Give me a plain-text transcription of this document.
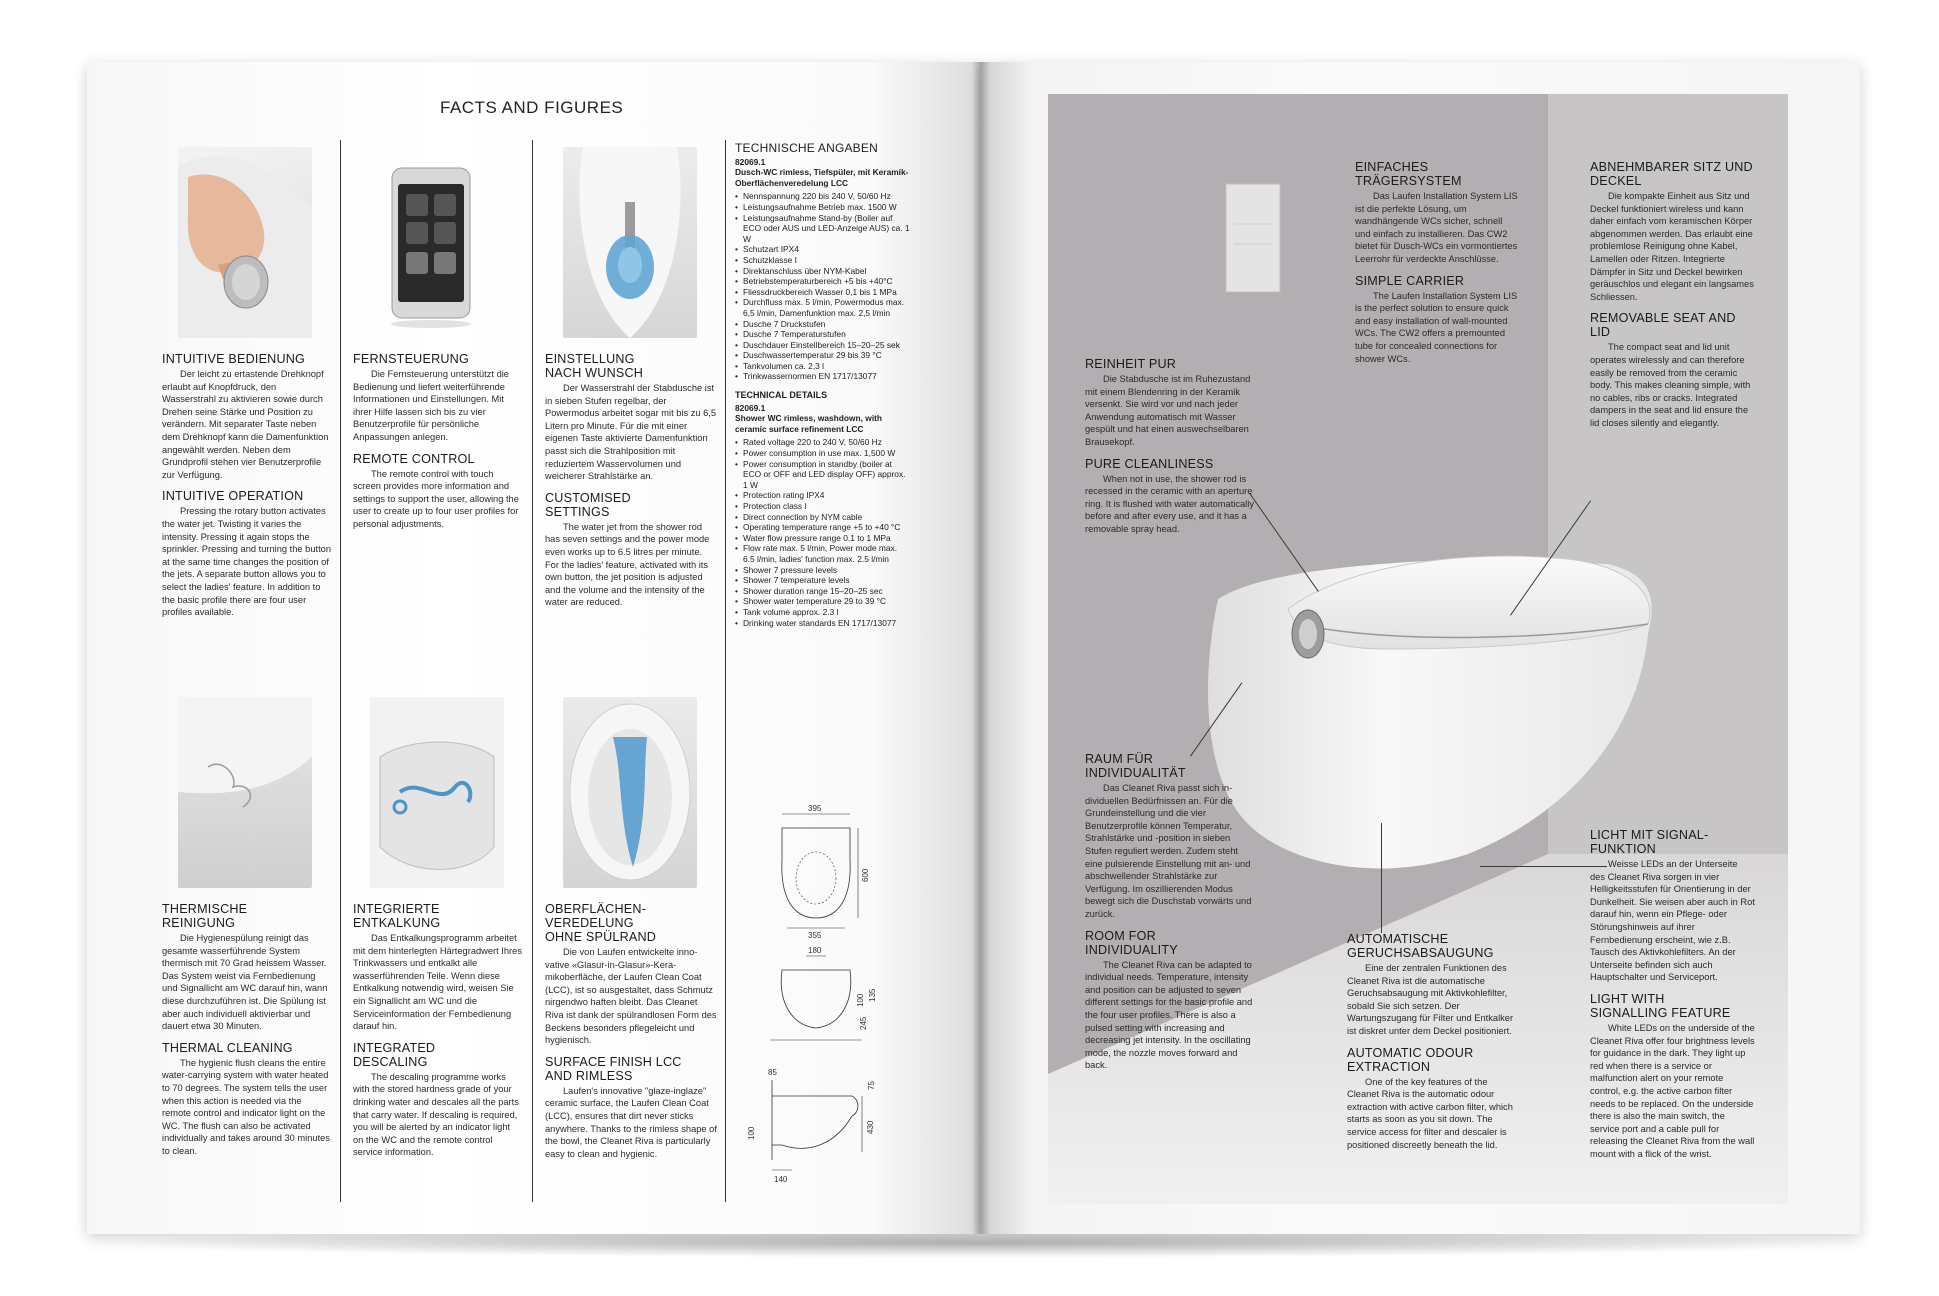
FACTS AND FIGURES
INTUITIVE BEDIENUNG
Der leicht zu ertastende Drehknopf erlaubt auf Knopfdruck, den Wasserstrahl zu aktivieren sowie durch Drehen seine Stärke und Position zu verändern. Mit separater Taste neben dem Drehknopf kann die Damenfunktion angewählt werden. Neben dem Grundprofil stehen vier Benutzerprofile zur Verfügung.
INTUITIVE OPERATION
Pressing the rotary button activates the water jet. Twisting it varies the intensity. Pressing it again stops the sprinkler. Pressing and turning the button at the same time changes the position of the jets. A separate button allows you to select the ladies' feature. In addition to the basic profile there are four user profiles available.
THERMISCHE REINIGUNG
Die Hygienespülung reinigt das gesamte wasserführende System thermisch mit 70 Grad heissem Wasser. Das System weist via Fernbedienung und Signallicht am WC darauf hin, wann diese durchzuführen ist. Die Spülung ist aber auch individuell aktivierbar und dauert etwa 30 Minuten.
THERMAL CLEANING
The hygienic flush cleans the entire water-carrying system with water heated to 70 degrees. The system tells the user when this action is needed via the remote control and indicator light on the WC. The flush can also be activated individually and takes around 30 minutes to clean.
FERNSTEUERUNG
Die Fernsteuerung unterstützt die Bedienung und liefert weiterführende Informationen und Einstellungen. Mit ihrer Hilfe lassen sich bis zu vier Benutzerprofile für persönliche Anpassungen anlegen.
REMOTE CONTROL
The remote control with touch screen provides more information and settings to support the user, allowing the user to create up to four user profiles for personal adjustments.
INTEGRIERTE ENTKALKUNG
Das Entkalkungsprogramm arbeitet mit dem hinterlegten Härtegradwert Ihres Trinkwassers und entkalkt alle wasserführenden Teile. Wenn diese Entkalkung notwendig wird, weisen Sie ein Signallicht am WC und die Serviceinformation der Fernbedienung darauf hin.
INTEGRATED DESCALING
The descaling programme works with the stored hardness grade of your drinking water and descales all the parts that carry water. If descaling is required, you will be alerted by an indicator light on the WC and the remote control service information.
EINSTELLUNG NACH WUNSCH
Der Wasserstrahl der Stabdusche ist in sieben Stufen regelbar, der Powermodus arbeitet sogar mit bis zu 6,5 Litern pro Minute. Für die mit einer eigenen Taste aktivierte Damenfunktion passt sich die Strahlposition mit reduziertem Wasservolumen und weicherer Strahlstärke an.
CUSTOMISED SETTINGS
The water jet from the shower rod has seven settings and the power mode even works up to 6.5 litres per minute. For the ladies' feature, activated with its own button, the jet position is adjusted and the volume and the intensity of the water are reduced.
OBERFLÄCHENVEREDELUNG OHNE SPÜLRAND
Die von Laufen entwickelte innovative «Glasur-in-Glasur»-Keramikoberfläche, der Laufen Clean Coat (LCC), ist so ausgestaltet, dass Schmutz nirgendwo haften bleibt. Das Cleanet Riva ist dank der spülrandlosen Form des Beckens besonders pflegeleicht und hygienisch.
SURFACE FINISH LCC AND RIMLESS
Laufen's innovative "glaze-inglaze" ceramic surface, the Laufen Clean Coat (LCC), ensures that dirt never sticks anywhere. Thanks to the rimless shape of the bowl, the Cleanet Riva is particularly easy to clean and hygienic.
TECHNISCHE ANGABEN
82069.1
Dusch-WC rimless, Tiefspüler, mit Keramik-Oberflächenveredelung LCC
• Nennspannung 220 bis 240 V, 50/60 Hz
• Leistungsaufnahme Betrieb max. 1500 W
• Leistungsaufnahme Stand-by (Boiler auf ECO oder AUS und LED-Anzeige AUS) ca. 1 W
• Schutzart IPX4
• Schutzklasse I
• Direktanschluss über NYM-Kabel
• Betriebstemperaturbereich +5 bis +40°C
• Fliessdruckbereich Wasser 0,1 bis 1 MPa
• Durchfluss max. 5 l/min, Powermodus max. 6,5 l/min, Damenfunktion max. 2,5 l/min
• Dusche 7 Druckstufen
• Dusche 7 Temperaturstufen
• Duschdauer Einstellbereich 15–20–25 sek
• Duschwassertemperatur 29 bis 39 °C
• Tankvolumen ca. 2,3 l
• Trinkwassernormen EN 1717/13077
TECHNICAL DETAILS
82069.1
Shower WC rimless, washdown, with ceramic surface refinement LCC
• Rated voltage 220 to 240 V, 50/60 Hz
• Power consumption in use max. 1,500 W
• Power consumption in standby (boiler at ECO or OFF and LED display OFF) approx. 1 W
• Protection rating IPX4
• Protection class I
• Direct connection by NYM cable
• Operating temperature range +5 to +40 °C
• Water flow pressure range 0.1 to 1 MPa
• Flow rate max. 5 l/min, Power mode max. 6.5 l/min, ladies' function max. 2.5 l/min
• Shower 7 pressure levels
• Shower 7 temperature levels
• Shower duration range 15–20–25 sec
• Shower water temperature 29 to 39 °C
• Tank volume approx. 2.3 l
• Drinking water standards EN 1717/13077
395
600
355
180
100 135
245
85
75
430
100
140
EINFACHES TRÄGERSYSTEM
Das Laufen Installation System LIS ist die perfekte Lösung, um wandhängende WCs sicher, schnell und einfach zu installieren. Das CW2 bietet für Dusch-WCs ein vormontiertes Leerrohr für verdeckte Anschlüsse.
SIMPLE CARRIER
The Laufen Installation System LIS is the perfect solution to ensure quick and easy installation of wall-mounted WCs. The CW2 offers a premounted tube for concealed connections for shower WCs.
ABNEHMBARER SITZ UND DECKEL
Die kompakte Einheit aus Sitz und Deckel funktioniert wireless und kann daher einfach vom keramischen Körper abgenommen werden. Das erlaubt eine problemlose Reinigung ohne Kabel, Lamellen oder Ritzen. Integrierte Dämpfer in Sitz und Deckel bewirken geräuschlos und elegant ein langsames Schliessen.
REMOVABLE SEAT AND LID
The compact seat and lid unit operates wirelessly and can therefore easily be removed from the ceramic body. This makes cleaning simple, with no cables, ribs or cracks. Integrated dampers in the seat and lid ensure the lid closes silently and elegantly.
REINHEIT PUR
Die Stabdusche ist im Ruhezustand mit einem Blendenring in der Keramik versenkt. Sie wird vor und nach jeder Anwendung automatisch mit Wasser gespült und hat einen auswechselbaren Brausekopf.
PURE CLEANLINESS
When not in use, the shower rod is recessed in the ceramic with an aperture ring. It is flushed with water automatically before and after every use, and it has a removable spray head.
RAUM FÜR INDIVIDUALITÄT
Das Cleanet Riva passt sich individuellen Bedürfnissen an. Für die Grundeinstellung und die vier Benutzerprofile können Temperatur, Strahlstärke und -position in sieben Stufen reguliert werden. Zudem steht eine pulsierende Einstellung mit an- und abschwellender Strahlstärke zur Verfügung. Im oszillierenden Modus bewegt sich die Duschstab vorwärts und zurück.
ROOM FOR INDIVIDUALITY
The Cleanet Riva can be adapted to individual needs. Temperature, intensity and position can be adjusted to seven different settings for the basic profile and the four user profiles. There is also a pulsed setting with increasing and decreasing jet intensity. In the oscillating mode, the nozzle moves forward and back.
AUTOMATISCHE GERUCHSABSAUGUNG
Eine der zentralen Funktionen des Cleanet Riva ist die automatische Geruchsabsaugung mit Aktivkohlefilter, sobald Sie sich setzen. Der Wartungszugang für Filter und Entkalker ist diskret unter dem Deckel positioniert.
AUTOMATIC ODOUR EXTRACTION
One of the key features of the Cleanet Riva is the automatic odour extraction with active carbon filter, which starts as soon as you sit down. The service access for filter and descaler is positioned discreetly beneath the lid.
LICHT MIT SIGNALFUNKTION
Weisse LEDs an der Unterseite des Cleanet Riva sorgen in vier Helligkeitsstufen für Orientierung in der Dunkelheit. Sie weisen aber auch in Rot darauf hin, wenn ein Pflege- oder Störungshinweis auf ihrer Fernbedienung erscheint, wie z.B. Tausch des Aktivkohlefilters. An der Unterseite befinden sich auch Hauptschalter und Serviceport.
LIGHT WITH SIGNALLING FEATURE
White LEDs on the underside of the Cleanet Riva offer four brightness levels for guidance in the dark. They light up red when there is a service or malfunction alert on your remote control, e.g. the active carbon filter needs to be replaced. On the underside there is also the main switch, the service port and a cable pull for releasing the Cleanet Riva from the wall mount with a flick of the wrist.
